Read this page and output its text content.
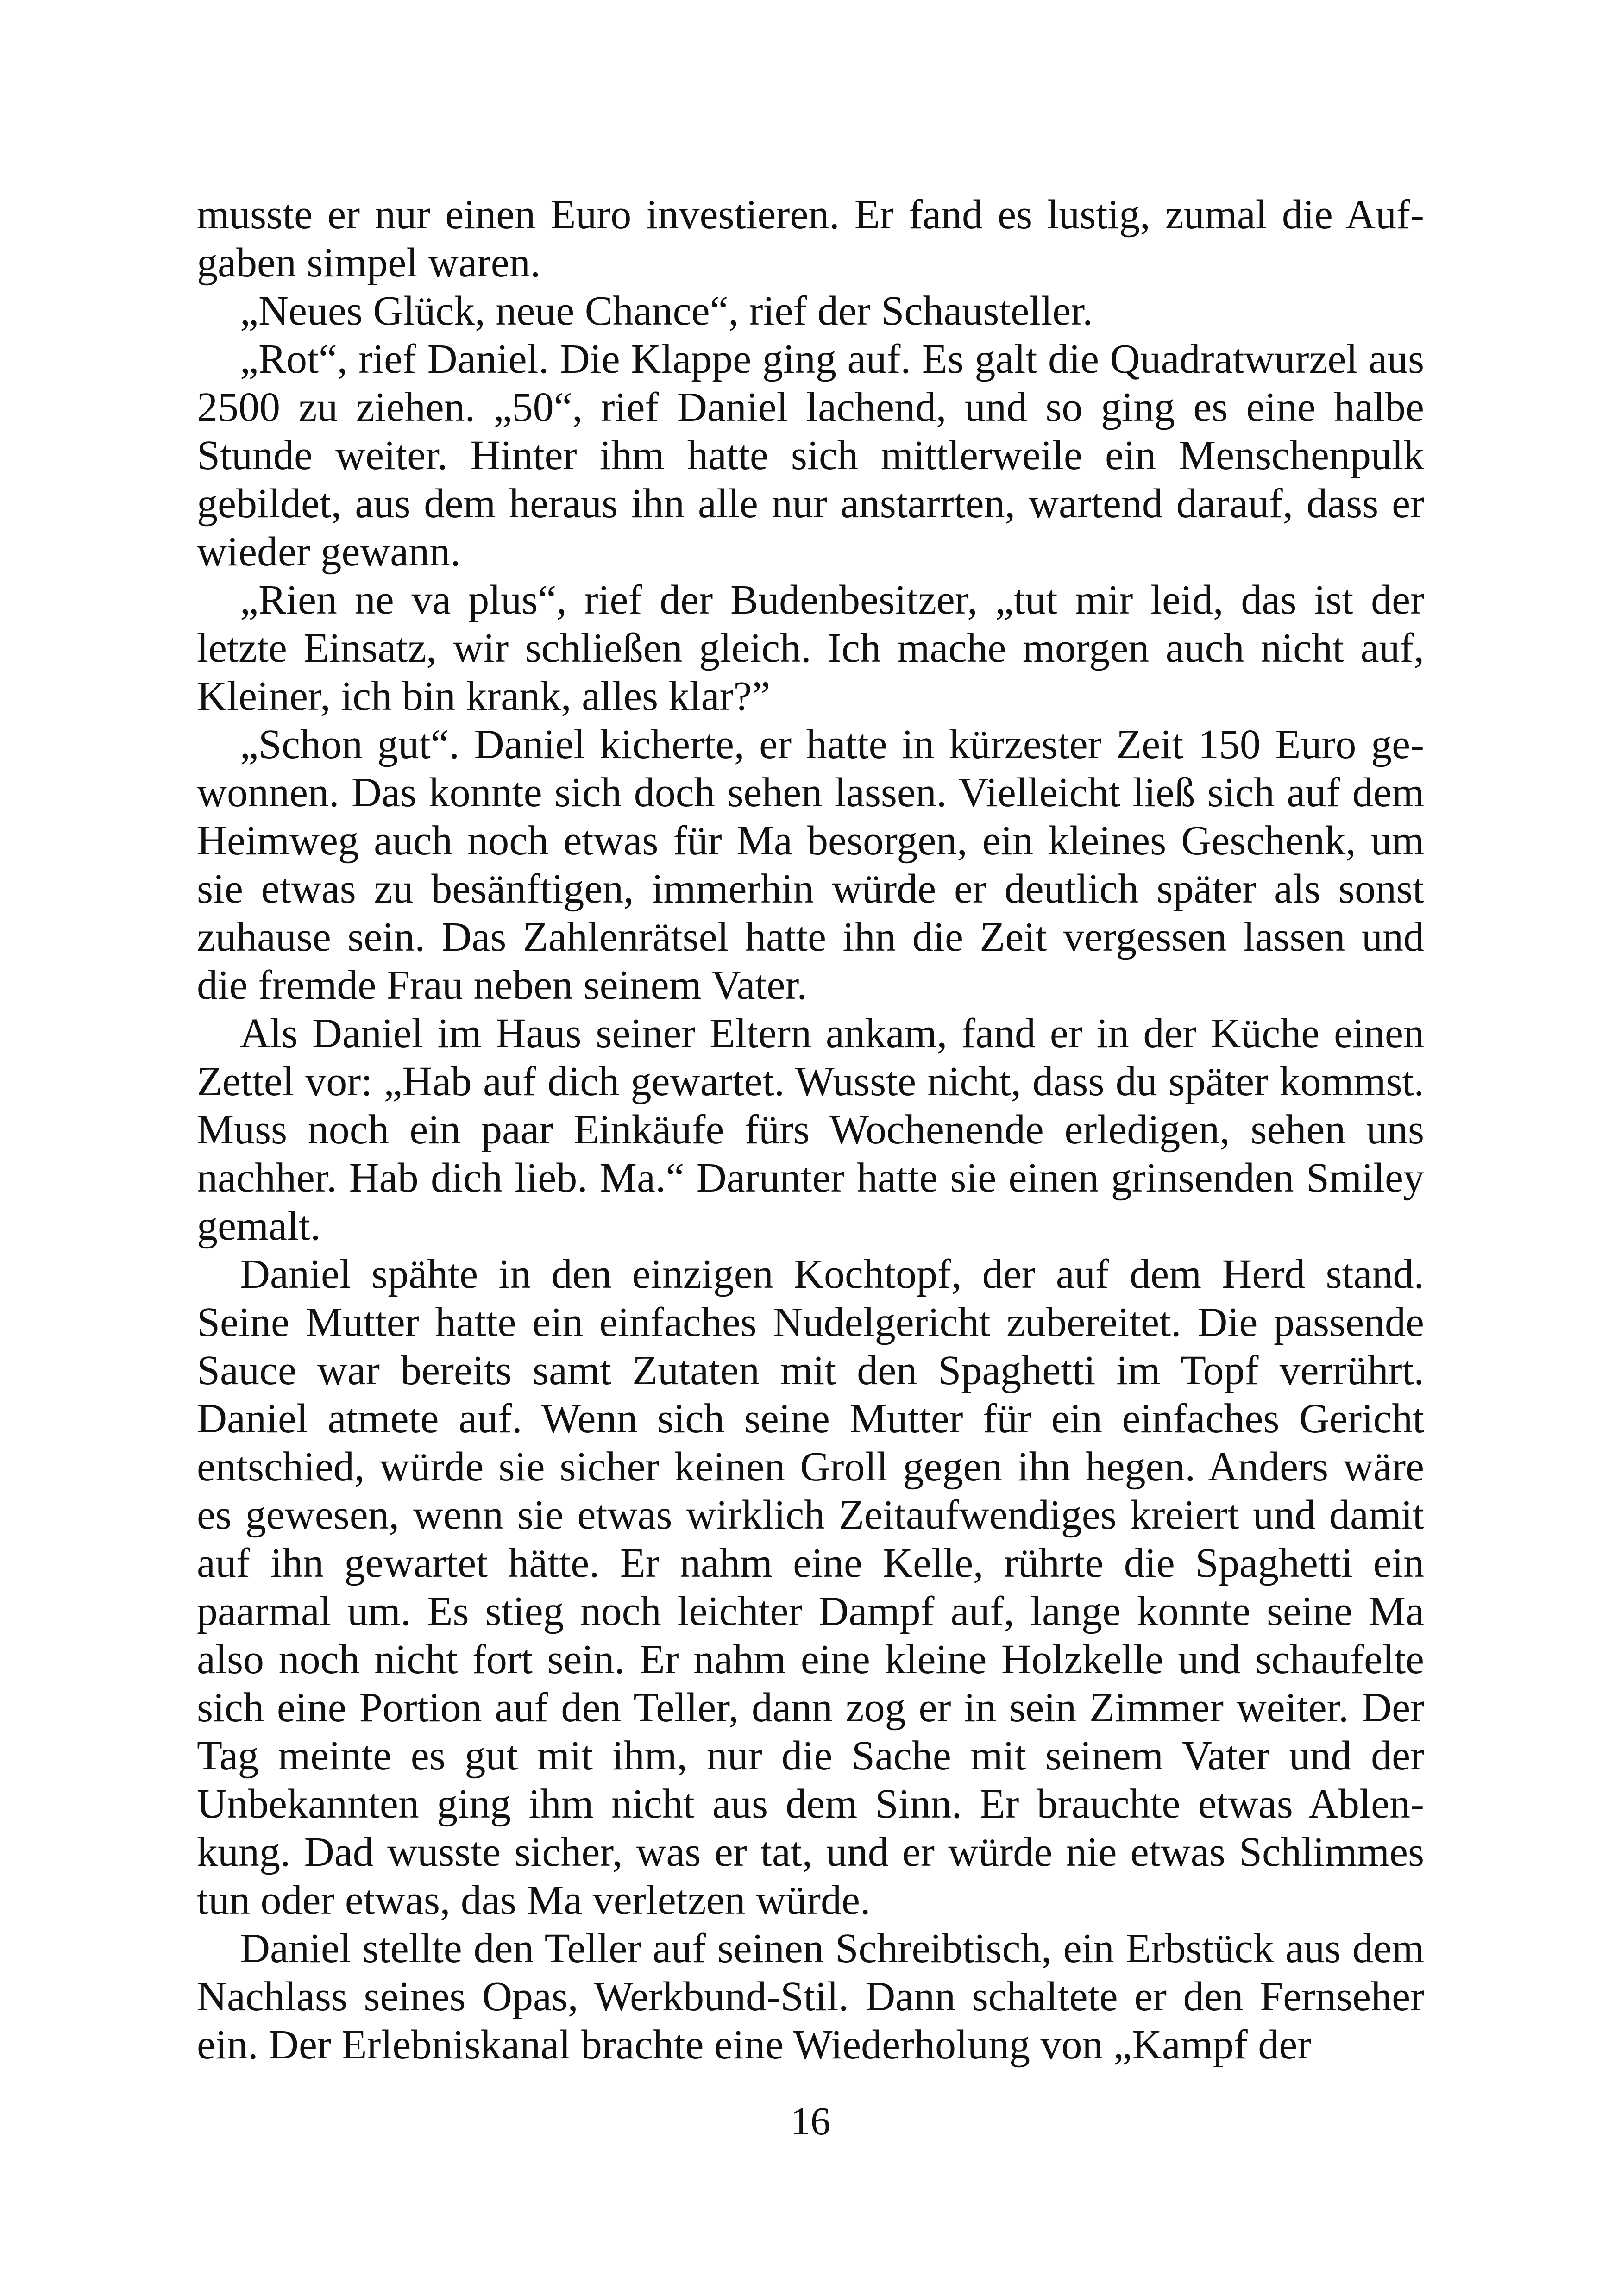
musste er nur einen Euro investieren. Er fand es lustig, zumal die Aufgaben simpel waren.

„Neues Glück, neue Chance“, rief der Schausteller.

„Rot“, rief Daniel. Die Klappe ging auf. Es galt die Quadratwurzel aus 2500 zu ziehen. „50“, rief Daniel lachend, und so ging es eine halbe Stunde weiter. Hinter ihm hatte sich mittlerweile ein Menschenpulk gebildet, aus dem heraus ihn alle nur anstarrten, wartend darauf, dass er wieder gewann.

„Rien ne va plus“, rief der Budenbesitzer, „tut mir leid, das ist der letzte Einsatz, wir schließen gleich. Ich mache morgen auch nicht auf, Kleiner, ich bin krank, alles klar?”

„Schon gut“. Daniel kicherte, er hatte in kürzester Zeit 150 Euro gewonnen. Das konnte sich doch sehen lassen. Vielleicht ließ sich auf dem Heimweg auch noch etwas für Ma besorgen, ein kleines Geschenk, um sie etwas zu besänftigen, immerhin würde er deutlich später als sonst zuhause sein. Das Zahlenrätsel hatte ihn die Zeit vergessen lassen und die fremde Frau neben seinem Vater.

Als Daniel im Haus seiner Eltern ankam, fand er in der Küche einen Zettel vor: „Hab auf dich gewartet. Wusste nicht, dass du später kommst. Muss noch ein paar Einkäufe fürs Wochenende erledigen, sehen uns nachher. Hab dich lieb. Ma.“ Darunter hatte sie einen grinsenden Smiley gemalt.

Daniel spähte in den einzigen Kochtopf, der auf dem Herd stand. Seine Mutter hatte ein einfaches Nudelgericht zubereitet. Die passende Sauce war bereits samt Zutaten mit den Spaghetti im Topf verrührt. Daniel atmete auf. Wenn sich seine Mutter für ein einfaches Gericht entschied, würde sie sicher keinen Groll gegen ihn hegen. Anders wäre es gewesen, wenn sie etwas wirklich Zeitaufwendiges kreiert und damit auf ihn gewartet hätte. Er nahm eine Kelle, rührte die Spaghetti ein paarmal um. Es stieg noch leichter Dampf auf, lange konnte seine Ma also noch nicht fort sein. Er nahm eine kleine Holzkelle und schaufelte sich eine Portion auf den Teller, dann zog er in sein Zimmer weiter. Der Tag meinte es gut mit ihm, nur die Sache mit seinem Vater und der Unbekannten ging ihm nicht aus dem Sinn. Er brauchte etwas Ablenkung. Dad wusste sicher, was er tat, und er würde nie etwas Schlimmes tun oder etwas, das Ma verletzen würde.

Daniel stellte den Teller auf seinen Schreibtisch, ein Erbstück aus dem Nachlass seines Opas, Werkbund-Stil. Dann schaltete er den Fernseher ein. Der Erlebniskanal brachte eine Wiederholung von „Kampf der

16
